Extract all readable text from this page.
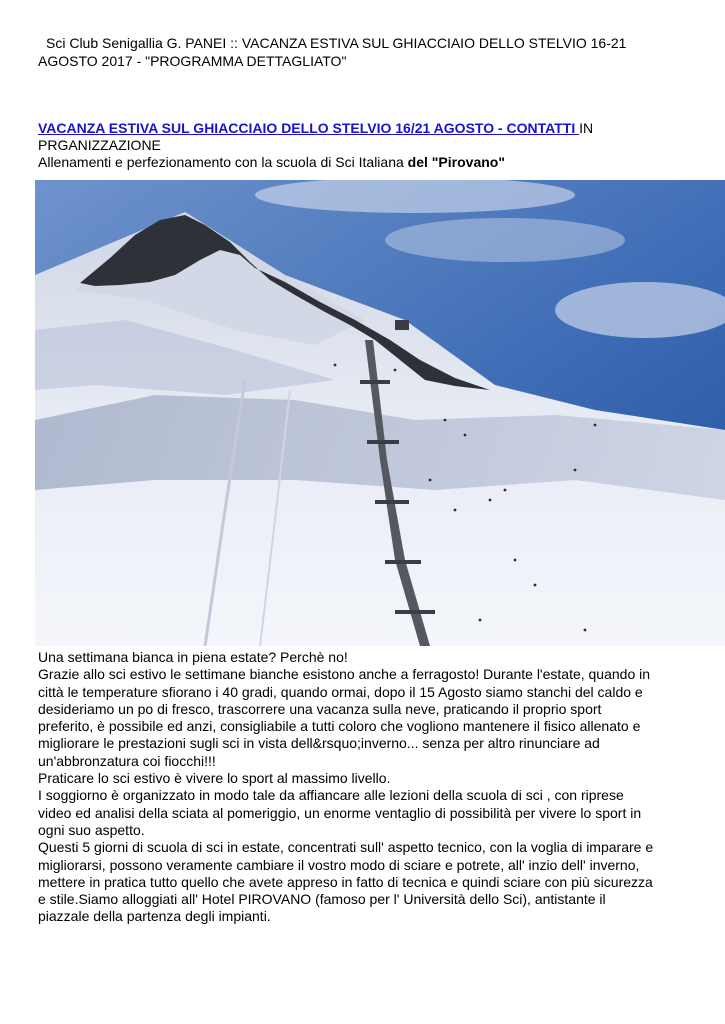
Sci Club Senigallia G. PANEI :: VACANZA ESTIVA SUL GHIACCIAIO DELLO STELVIO 16-21
AGOSTO 2017 - "PROGRAMMA DETTAGLIATO"
VACANZA ESTIVA SUL GHIACCIAIO DELLO STELVIO 16/21 AGOSTO - CONTATTI IN
PRGANIZZAZIONE
Allenamenti e perfezionamento con la scuola di Sci Italiana del "Pirovano"
Una settimana bianca in piena estate? Perchè no!
Grazie allo sci estivo le settimane bianche esistono anche a ferragosto! Durante l'estate, quando in
città le temperature sfiorano i 40 gradi, quando ormai, dopo il 15 Agosto siamo stanchi del caldo e
desideriamo un po di fresco, trascorrere una vacanza sulla neve, praticando il proprio sport
preferito, è possibile ed anzi, consigliabile a tutti coloro che vogliono mantenere il fisico allenato e
migliorare le prestazioni sugli sci in vista dell&rsquo;inverno... senza per altro rinunciare ad
un'abbronzatura coi fiocchi!!!
Praticare lo sci estivo è vivere lo sport al massimo livello.
I soggiorno è organizzato in modo tale da affiancare alle lezioni della scuola di sci , con riprese
video ed analisi della sciata al pomeriggio, un enorme ventaglio di possibilità per vivere lo sport in
ogni suo aspetto.
Questi 5 giorni di scuola di sci in estate, concentrati sull' aspetto tecnico, con la voglia di imparare e
migliorarsi, possono veramente cambiare il vostro modo di sciare e potrete, all' inzio dell' inverno,
mettere in pratica tutto quello che avete appreso in fatto di tecnica e quindi sciare con più sicurezza
e stile.Siamo alloggiati all' Hotel PIROVANO (famoso per l' Università dello Sci), antistante il
piazzale della partenza degli impianti.
